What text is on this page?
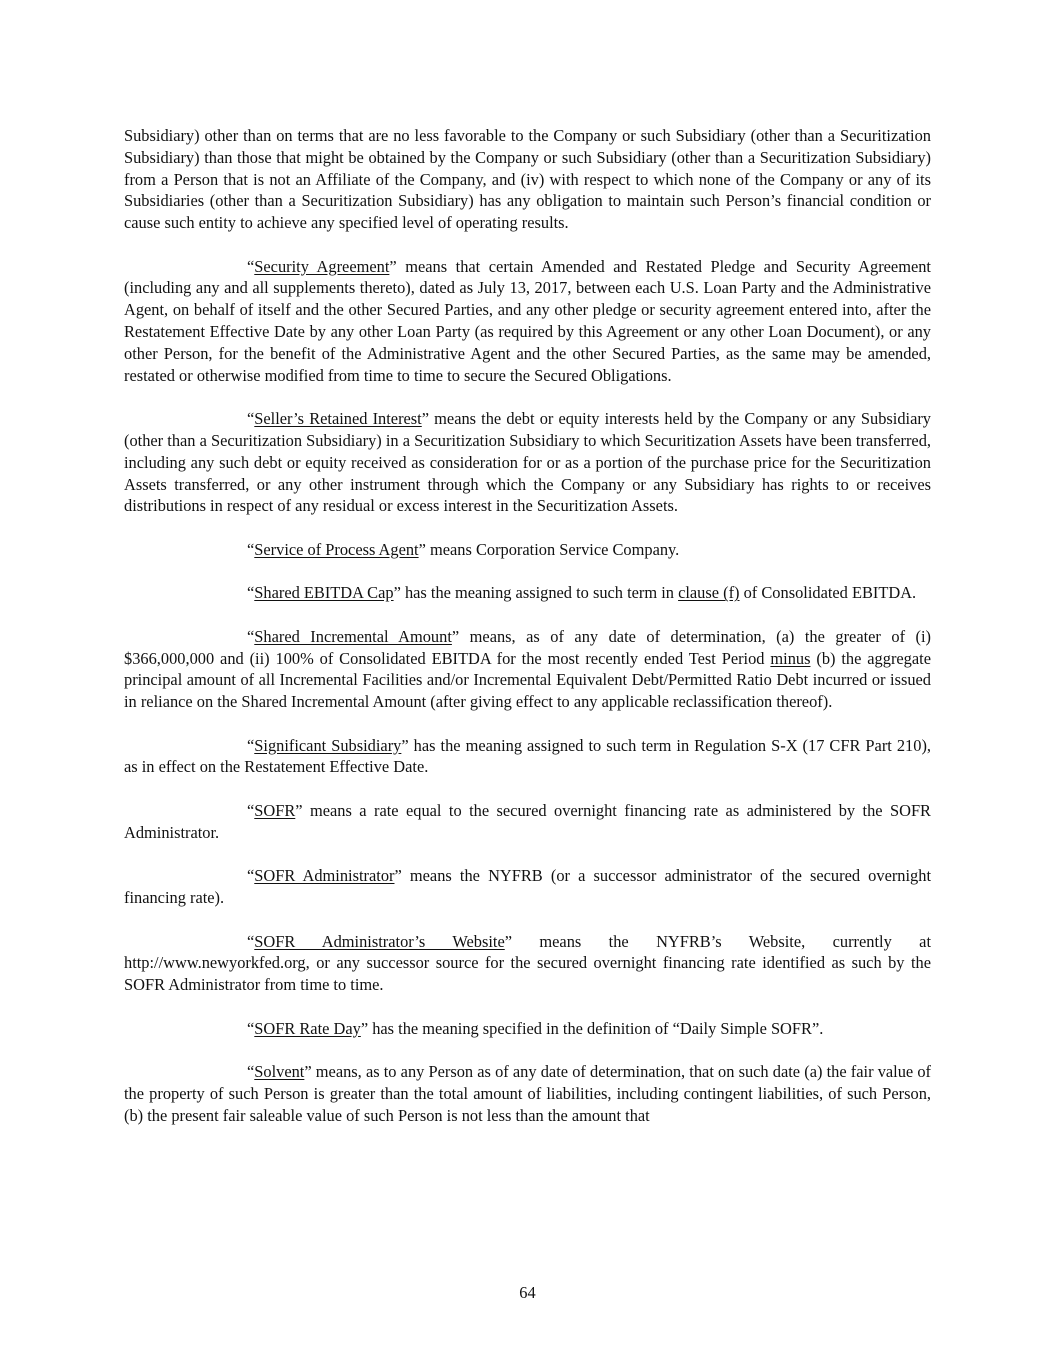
Subsidiary) other than on terms that are no less favorable to the Company or such Subsidiary (other than a Securitization Subsidiary) than those that might be obtained by the Company or such Subsidiary (other than a Securitization Subsidiary) from a Person that is not an Affiliate of the Company, and (iv) with respect to which none of the Company or any of its Subsidiaries (other than a Securitization Subsidiary) has any obligation to maintain such Person’s financial condition or cause such entity to achieve any specified level of operating results.

“Security Agreement” means that certain Amended and Restated Pledge and Security Agreement (including any and all supplements thereto), dated as July 13, 2017, between each U.S. Loan Party and the Administrative Agent, on behalf of itself and the other Secured Parties, and any other pledge or security agreement entered into, after the Restatement Effective Date by any other Loan Party (as required by this Agreement or any other Loan Document), or any other Person, for the benefit of the Administrative Agent and the other Secured Parties, as the same may be amended, restated or otherwise modified from time to time to secure the Secured Obligations.

“Seller’s Retained Interest” means the debt or equity interests held by the Company or any Subsidiary (other than a Securitization Subsidiary) in a Securitization Subsidiary to which Securitization Assets have been transferred, including any such debt or equity received as consideration for or as a portion of the purchase price for the Securitization Assets transferred, or any other instrument through which the Company or any Subsidiary has rights to or receives distributions in respect of any residual or excess interest in the Securitization Assets.

“Service of Process Agent” means Corporation Service Company.

“Shared EBITDA Cap” has the meaning assigned to such term in clause (f) of Consolidated EBITDA.

“Shared Incremental Amount” means, as of any date of determination, (a) the greater of (i) $366,000,000 and (ii) 100% of Consolidated EBITDA for the most recently ended Test Period minus (b) the aggregate principal amount of all Incremental Facilities and/or Incremental Equivalent Debt/Permitted Ratio Debt incurred or issued in reliance on the Shared Incremental Amount (after giving effect to any applicable reclassification thereof).

“Significant Subsidiary” has the meaning assigned to such term in Regulation S-X (17 CFR Part 210), as in effect on the Restatement Effective Date.

“SOFR” means a rate equal to the secured overnight financing rate as administered by the SOFR Administrator.

“SOFR Administrator” means the NYFRB (or a successor administrator of the secured overnight financing rate).

“SOFR Administrator’s Website” means the NYFRB’s Website, currently at http://www.newyorkfed.org, or any successor source for the secured overnight financing rate identified as such by the SOFR Administrator from time to time.

“SOFR Rate Day” has the meaning specified in the definition of “Daily Simple SOFR”.

“Solvent” means, as to any Person as of any date of determination, that on such date (a) the fair value of the property of such Person is greater than the total amount of liabilities, including contingent liabilities, of such Person, (b) the present fair saleable value of such Person is not less than the amount that

64
